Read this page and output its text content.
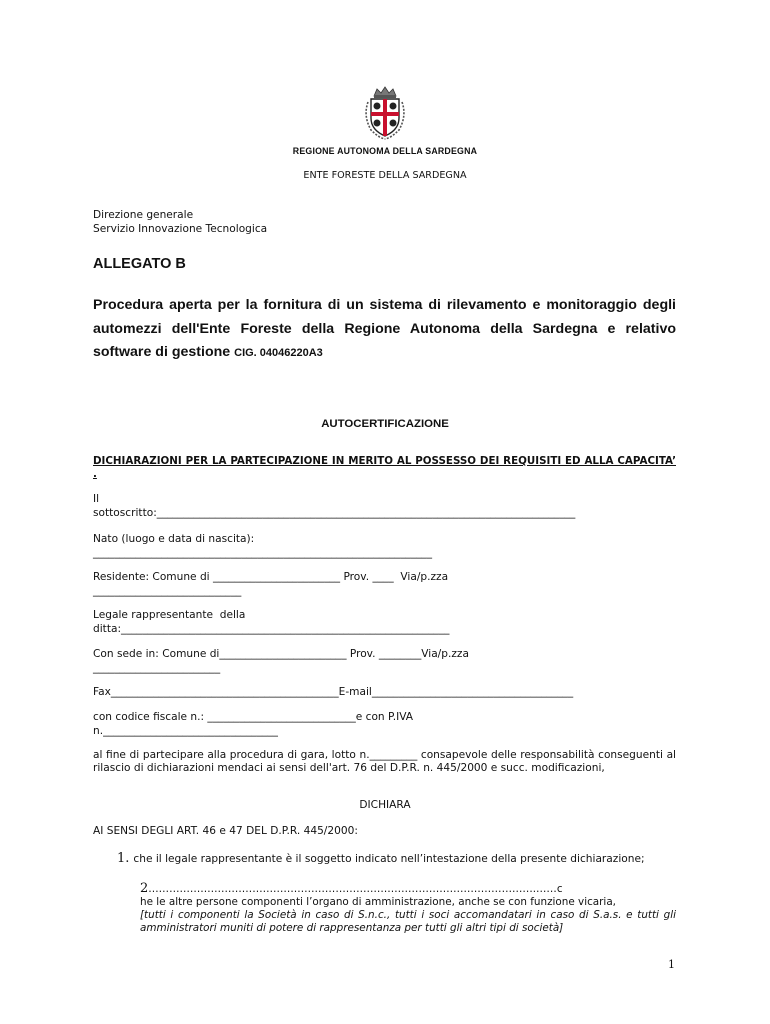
REGIONE AUTONOMA DELLA SARDEGNA
ENTE FORESTE DELLA SARDEGNA
Direzione generale
Servizio Innovazione Tecnologica
ALLEGATO B
Procedura aperta per la fornitura di un sistema di rilevamento e monitoraggio degli automezzi dell'Ente Foreste della Regione Autonoma della Sardegna e relativo software di gestione CIG. 04046220A3
AUTOCERTIFICAZIONE
DICHIARAZIONI PER LA PARTECIPAZIONE IN MERITO AL POSSESSO DEI REQUISITI ED ALLA CAPACITA’ .
Il
sottoscritto:_______________________________________________________________________________
Nato (luogo e data di nascita):
________________________________________________________________
Residente: Comune di ________________________ Prov. ____  Via/p.zza
____________________________
Legale rappresentante  della
ditta:______________________________________________________________
Con sede in: Comune di________________________ Prov. ________Via/p.zza
________________________
Fax___________________________________________E-mail______________________________________
con codice fiscale n.: ____________________________e con P.IVA
n._________________________________
al fine di partecipare alla procedura di gara, lotto n._________ consapevole delle responsabilità conseguenti al rilascio di dichiarazioni mendaci ai sensi dell'art. 76 del D.P.R. n. 445/2000 e succ. modificazioni,
DICHIARA
AI SENSI DEGLI ART. 46 e 47 DEL D.P.R. 445/2000:
1. che il legale rappresentante è il soggetto indicato nell’intestazione della presente dichiarazione;
2………………………………………………………………………………………………….……c
he le altre persone componenti l’organo di amministrazione, anche se con funzione vicaria,
[tutti i componenti la Società in caso di S.n.c., tutti i soci accomandatari in caso di S.a.s. e tutti gli amministratori muniti di potere di rappresentanza per tutti gli altri tipi di società]
1
